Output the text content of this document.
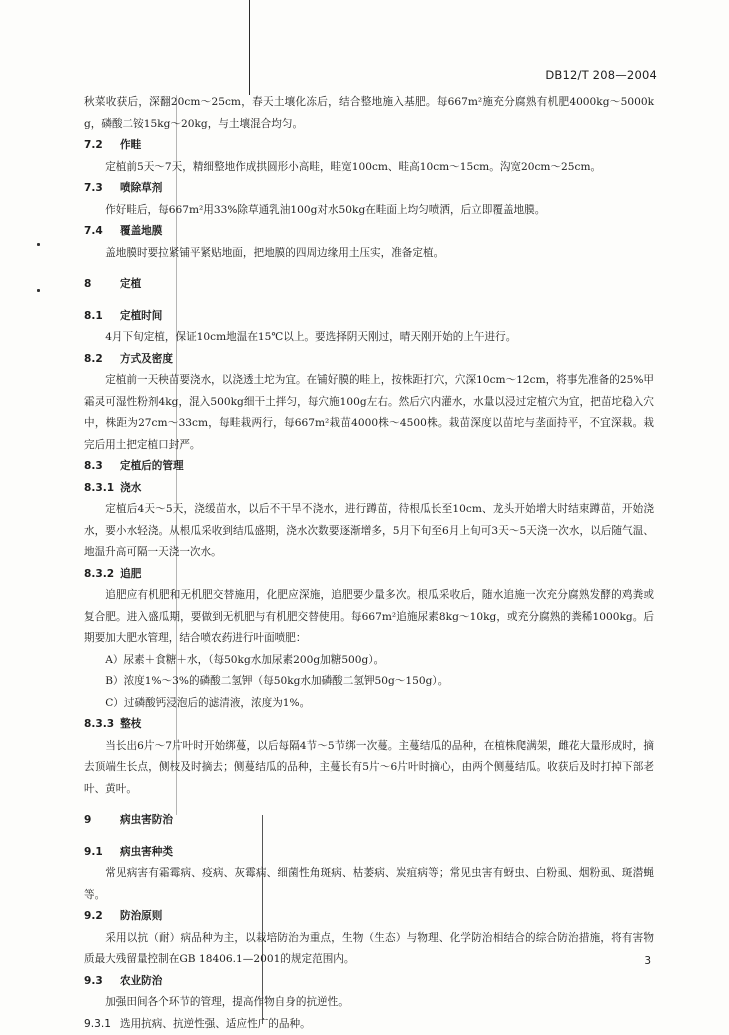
DB12/T 208—2004

秋菜收获后，深翻20cm～25cm，春天土壤化冻后，结合整地施入基肥。每667m²施充分腐熟有机肥4000kg～5000kg，磷酸二铵15kg～20kg，与土壤混合均匀。

7.2 作畦

定植前5天～7天，精细整地作成拱圆形小高畦，畦宽100cm、畦高10cm～15cm。沟宽20cm～25cm。

7.3 喷除草剂

作好畦后，每667m²用33%除草通乳油100g对水50kg在畦面上均匀喷洒，后立即覆盖地膜。

7.4 覆盖地膜

盖地膜时要拉紧铺平紧贴地面，把地膜的四周边缘用土压实，准备定植。

8	定植
8.1 定植时间

4月下旬定植，保证10cm地温在15℃以上。要选择阴天刚过，晴天刚开始的上午进行。

8.2 方式及密度

定植前一天秧苗要浇水，以浇透土坨为宜。在铺好膜的畦上，按株距打穴，穴深10cm～12cm，将事先准备的25%甲霜灵可湿性粉剂4kg，混入500kg细干土拌匀，每穴施100g左右。然后穴内灌水，水量以浸过定植穴为宜，把苗坨稳入穴中，株距为27cm～33cm，每畦栽两行，每667m²栽苗4000株～4500株。栽苗深度以苗坨与垄面持平，不宜深栽。栽完后用土把定植口封严。

8.3 定植后的管理
8.3.1 浇水

定植后4天～5天，浇缓苗水，以后不干旱不浇水，进行蹲苗，待根瓜长至10cm、龙头开始增大时结束蹲苗，开始浇水，要小水轻浇。从根瓜采收到结瓜盛期，浇水次数要逐渐增多，5月下旬至6月上旬可3天～5天浇一次水，以后随气温、地温升高可隔一天浇一次水。

8.3.2 追肥

追肥应有机肥和无机肥交替施用，化肥应深施，追肥要少量多次。根瓜采收后，随水追施一次充分腐熟发酵的鸡粪或复合肥。进入盛瓜期，要做到无机肥与有机肥交替使用。每667m²追施尿素8kg～10kg，或充分腐熟的粪稀1000kg。后期要加大肥水管理，结合喷农药进行叶面喷肥：

A）尿素＋食糖＋水，（每50kg水加尿素200g加糖500g）。

B）浓度1%～3%的磷酸二氢钾（每50kg水加磷酸二氢钾50g～150g）。

C）过磷酸钙浸泡后的滤清液，浓度为1%。

8.3.3 整枝

当长出6片～7片叶时开始绑蔓，以后每隔4节～5节绑一次蔓。主蔓结瓜的品种，在植株爬满架，雌花大量形成时，摘去顶端生长点，侧枝及时摘去；侧蔓结瓜的品种，主蔓长有5片～6片叶时摘心，由两个侧蔓结瓜。收获后及时打掉下部老叶、黄叶。

9	病虫害防治
9.1 病虫害种类

常见病害有霜霉病、疫病、灰霉病、细菌性角斑病、枯萎病、炭疽病等；常见虫害有蚜虫、白粉虱、烟粉虱、斑潜蝇等。

9.2 防治原则

采用以抗（耐）病品种为主，以栽培防治为重点，生物（生态）与物理、化学防治相结合的综合防治措施，将有害物质最大残留量控制在GB 18406.1—2001的规定范围内。

9.3 农业防治

加强田间各个环节的管理，提高作物自身的抗逆性。

9.3.1 选用抗病、抗逆性强、适应性广的品种。
3
